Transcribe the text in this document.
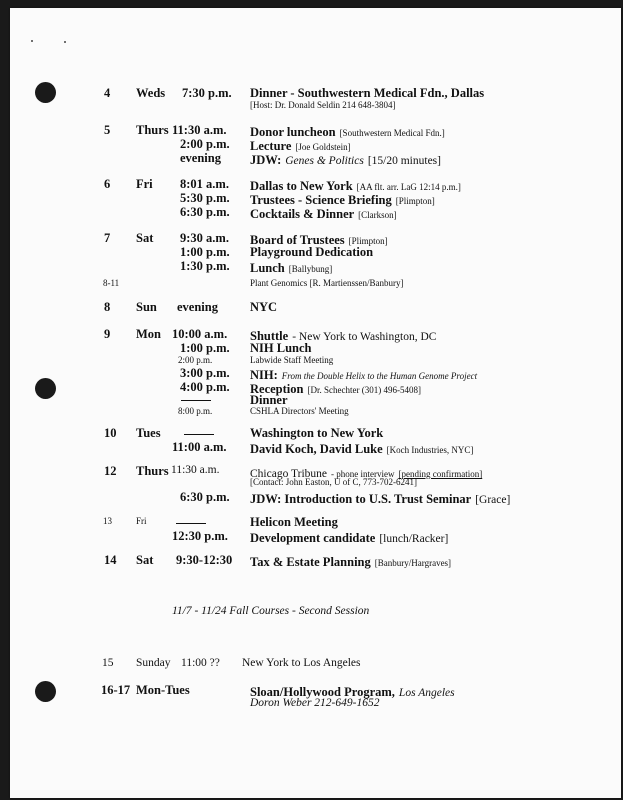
4 Weds 7:30 p.m. Dinner - Southwestern Medical Fdn., Dallas
[Host: Dr. Donald Seldin 214 648-3804]
5 Thurs 11:30 a.m. Donor luncheon [Southwestern Medical Fdn.]
2:00 p.m. Lecture [Joe Goldstein]
evening JDW: Genes & Politics [15/20 minutes]
6 Fri 8:01 a.m. Dallas to New York [AA flt. arr. LaG 12:14 p.m.]
5:30 p.m. Trustees - Science Briefing [Plimpton]
6:30 p.m. Cocktails & Dinner [Clarkson]
7 Sat 9:30 a.m. Board of Trustees [Plimpton]
1:00 p.m. Playground Dedication
1:30 p.m. Lunch [Ballybung]
8-11	Plant Genomics [R. Martienssen/Banbury]
8 Sun evening	NYC
9 Mon 10:00 a.m. Shuttle - New York to Washington, DC
1:00 p.m. NIH Lunch
2:00 p.m.	Labwide Staff Meeting
3:00 p.m. NIH: From the Double Helix to the Human Genome Project
4:00 p.m. Reception [Dr. Schechter (301) 496-5408]
Dinner
8:00 p.m.	CSHLA Directors' Meeting
10 Tues	Washington to New York
11:00 a.m. David Koch, David Luke [Koch Industries, NYC]
12 Thurs 11:30 a.m.	Chicago Tribune - phone interview [pending confirmation]
[Contact: John Easton, U of C, 773-702-6241]
6:30 p.m. JDW: Introduction to U.S. Trust Seminar [Grace]
13	Fri	Helicon Meeting
12:30 p.m. Development candidate [lunch/Racker]
14 Sat 9:30-12:30 Tax & Estate Planning [Banbury/Hargraves]
11/7 - 11/24 Fall Courses - Second Session
15 Sunday 11:00 ?? New York to Los Angeles
16-17 Mon-Tues	Sloan/Hollywood Program, Los Angeles
Doron Weber 212-649-1652
